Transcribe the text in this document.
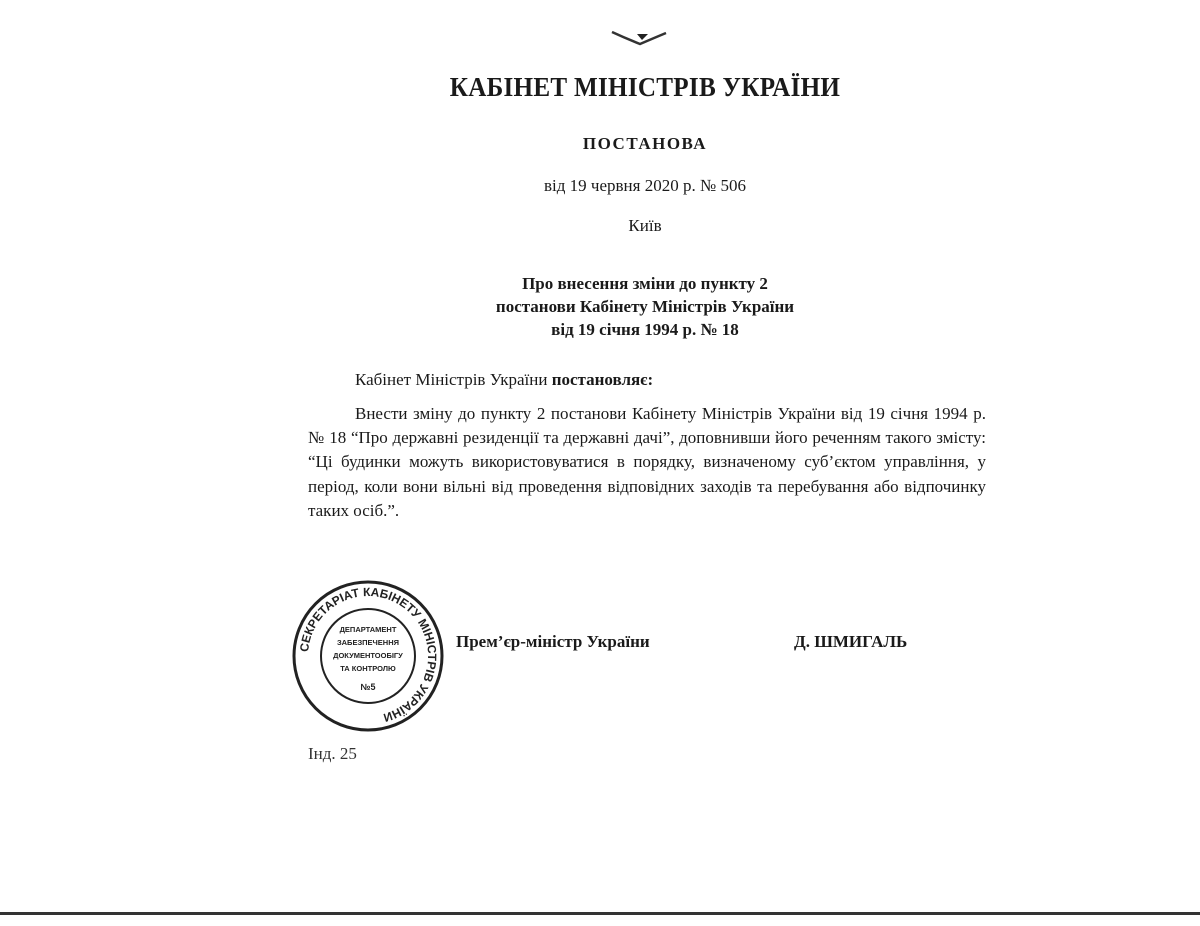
КАБІНЕТ МІНІСТРІВ УКРАЇНИ
ПОСТАНОВА
від 19 червня 2020 р. № 506
Київ
Про внесення зміни до пункту 2
постанови Кабінету Міністрів України
від 19 січня 1994 р. № 18
Кабінет Міністрів України постановляє:
Внести зміну до пункту 2 постанови Кабінету Міністрів України від 19 січня 1994 р. № 18 “Про державні резиденції та державні дачі”, доповнивши його реченням такого змісту: “Ці будинки можуть використовуватися в порядку, визначеному суб’єктом управління, у період, коли вони вільні від проведення відповідних заходів та перебування або відпочинку таких осіб.”.
СЕКРЕТАРІАТ КАБІНЕТУ МІНІСТРІВ УКРАЇНИ
ДЕПАРТАМЕНТ
ЗАБЕЗПЕЧЕННЯ
ДОКУМЕНТООБІГУ
ТА КОНТРОЛЮ
№5
Прем’єр-міністр України	Д. ШМИГАЛЬ
Інд. 25
